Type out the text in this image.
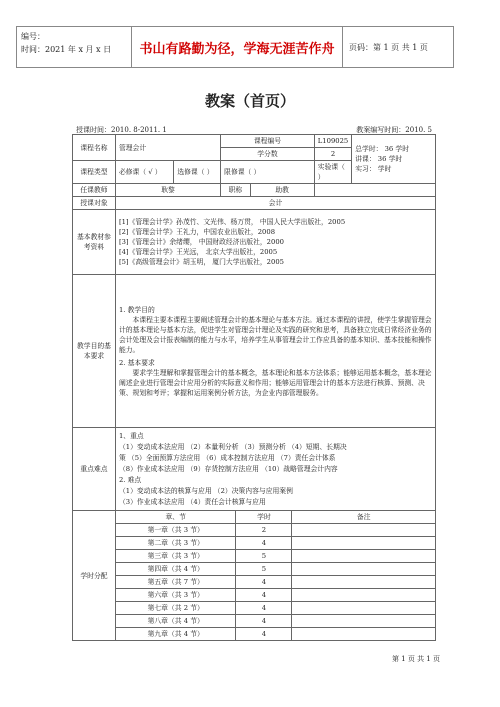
编号：
时间：2021 年 x 月 x 日	书山有路勤为径，学海无涯苦作舟	页码：第 1 页 共 1 页
教案（首页）
授课时间：2010. 8-2011. 1	教案编写时间：2010. 5
课程名称	管理会计	课程编号	L109025	
总学时： 36 学时
讲课： 36 学时
实习： 学时

学分数	2
课程类型	必修课（ √ ）	选修课（ ）	限修课（ ）	实验课（ ）
任课教师	耿黎	职称	助教	
授课对象	会计
基本教材参考资料	
[1]《管理会计学》孙茂竹、文光伟、杨万贯， 中国人民大学出版社，2005
[2]《管理会计学》王礼力，中国农业出版社，2008
[3]《管理会计》余绪缨， 中国财政经济出版社，2000
[4]《管理会计学》王光远， 北京大学出版社，2005
[5]《高级管理会计》胡玉明， 厦门大学出版社，2005

教学目的基本要求	
1. 教学目的

本课程主要本课程主要阐述管理会计的基本理论与基本方法。通过本课程的讲授，使学生掌握管理会计的基本理论与基本方法，促进学生对管理会计理论及实践的研究和思考，具备独立完成日常经济业务的会计处理及会计报表编制的能力与水平，培养学生从事管理会计工作应具备的基本知识、基本技能和操作能力。

2. 基本要求

要求学生理解和掌握管理会计的基本概念，基本理论和基本方法体系；能够运用基本概念，基本理论阐述企业进行管理会计应用分析的实际意义和作用；能够运用管理会计的基本方法进行核算、预测、决策、规划和考评；掌握和运用案例分析方法，为企业内部管理服务。

重点难点	
1、重点
（1）变动成本法应用 （2）本量利分析 （3）预测分析 （4）短期、长期决
策 （5）全面预算方法应用 （6）成本控制方法应用 （7）责任会计体系
（8）作业成本法应用 （9）存货控制方法应用 （10）战略管理会计内容
2. 难点
（1）变动成本法的核算与应用 （2）决策内容与应用案例
（3）作业成本法应用 （4）责任会计核算与应用

学时分配	
章、节	学时	备注
第一章（共 3 节）	2	
第二章（共 3 节）	4	
第三章（共 3 节）	5	
第四章（共 4 节）	5	
第五章（共 7 节）	4	
第六章（共 3 节）	4	
第七章（共 2 节）	4	
第八章（共 4 节）	4	
第九章（共 4 节）	4	
第 1 页 共 1 页
